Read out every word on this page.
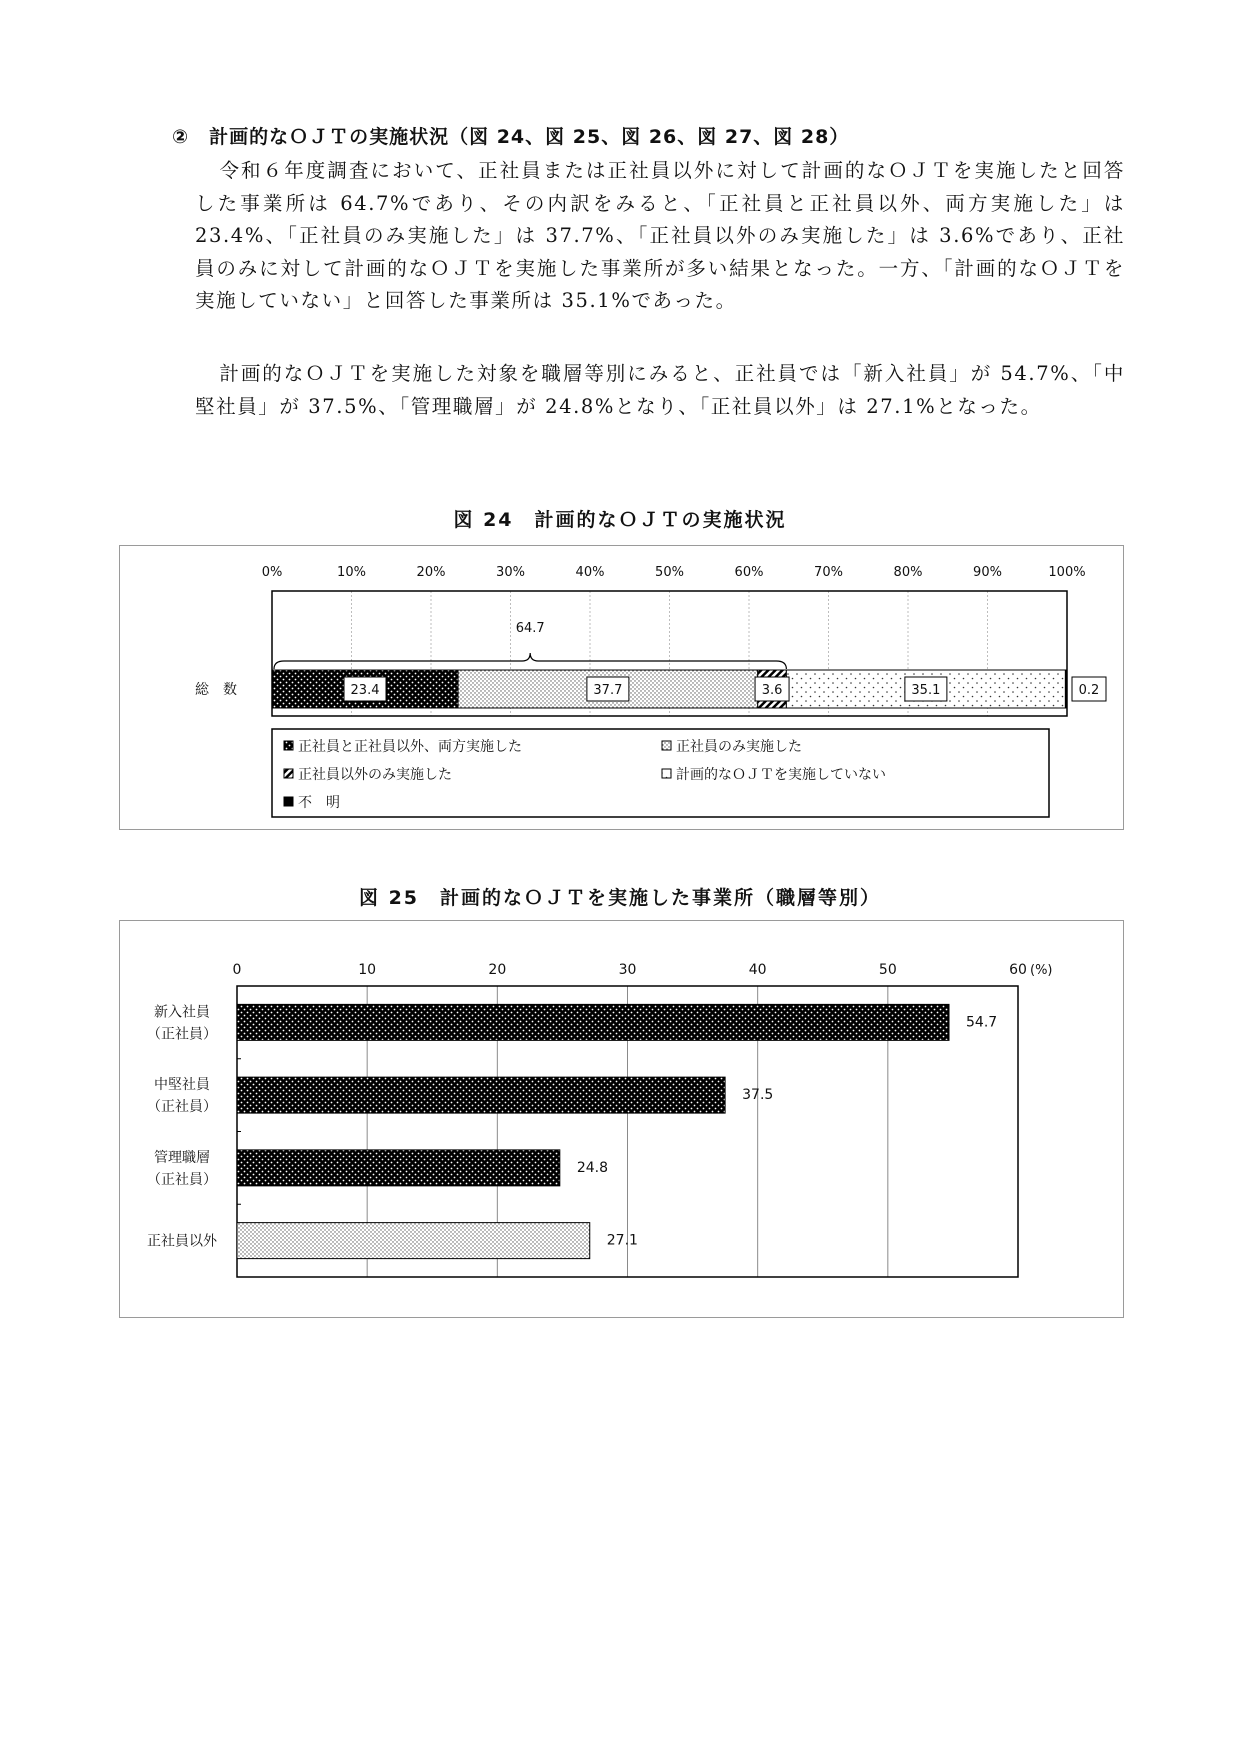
②　計画的なＯＪＴの実施状況（図 24、図 25、図 26、図 27、図 28）
令和６年度調査において、正社員または正社員以外に対して計画的なＯＪＴを実施したと回答した事業所は 64.7%であり、その内訳をみると、「正社員と正社員以外、両方実施した」は 23.4%、「正社員のみ実施した」は 37.7%、「正社員以外のみ実施した」は 3.6%であり、正社員のみに対して計画的なＯＪＴを実施した事業所が多い結果となった。一方、「計画的なＯＪＴを実施していない」と回答した事業所は 35.1%であった。
計画的なＯＪＴを実施した対象を職層等別にみると、正社員では「新入社員」が 54.7%、「中堅社員」が 37.5%、「管理職層」が 24.8%となり、「正社員以外」は 27.1%となった。
図 24　計画的なＯＪＴの実施状況
0%	10%	20%	30%	40%	50%	60%	70%	80%	90%	100%
総　数	23.4	37.7	3.6	35.1	0.2
64.7
正社員と正社員以外、両方実施した	正社員のみ実施した
正社員以外のみ実施した	計画的なＯＪＴを実施していない
不　明
図 25　計画的なＯＪＴを実施した事業所（職層等別）
0	10	20	30	40	50	60 (%)
54.7
新入社員
（正社員）
37.5
中堅社員
（正社員）
24.8
管理職層
（正社員）
27.1
正社員以外
